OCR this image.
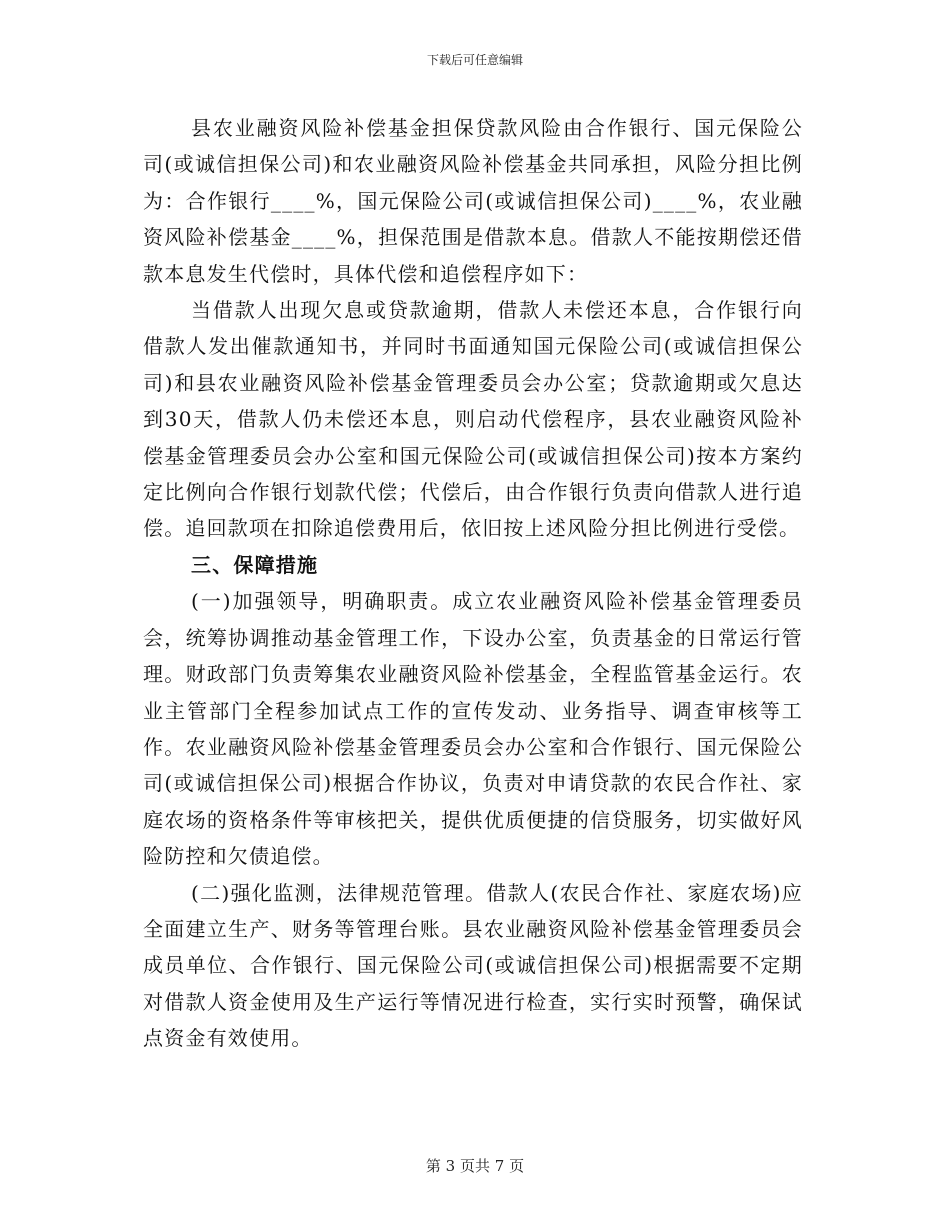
下载后可任意编辑

县农业融资风险补偿基金担保贷款风险由合作银行、国元保险公司(或诚信担保公司)和农业融资风险补偿基金共同承担，风险分担比例为：合作银行____%，国元保险公司(或诚信担保公司)____%，农业融资风险补偿基金____%，担保范围是借款本息。借款人不能按期偿还借款本息发生代偿时，具体代偿和追偿程序如下：

当借款人出现欠息或贷款逾期，借款人未偿还本息，合作银行向借款人发出催款通知书，并同时书面通知国元保险公司(或诚信担保公司)和县农业融资风险补偿基金管理委员会办公室；贷款逾期或欠息达到30天，借款人仍未偿还本息，则启动代偿程序，县农业融资风险补偿基金管理委员会办公室和国元保险公司(或诚信担保公司)按本方案约定比例向合作银行划款代偿；代偿后，由合作银行负责向借款人进行追偿。追回款项在扣除追偿费用后，依旧按上述风险分担比例进行受偿。

三、保障措施

(一)加强领导，明确职责。成立农业融资风险补偿基金管理委员会，统筹协调推动基金管理工作，下设办公室，负责基金的日常运行管理。财政部门负责筹集农业融资风险补偿基金，全程监管基金运行。农业主管部门全程参加试点工作的宣传发动、业务指导、调查审核等工作。农业融资风险补偿基金管理委员会办公室和合作银行、国元保险公司(或诚信担保公司)根据合作协议，负责对申请贷款的农民合作社、家庭农场的资格条件等审核把关，提供优质便捷的信贷服务，切实做好风险防控和欠债追偿。

(二)强化监测，法律规范管理。借款人(农民合作社、家庭农场)应全面建立生产、财务等管理台账。县农业融资风险补偿基金管理委员会成员单位、合作银行、国元保险公司(或诚信担保公司)根据需要不定期对借款人资金使用及生产运行等情况进行检查，实行实时预警，确保试点资金有效使用。

第 3 页共 7 页
